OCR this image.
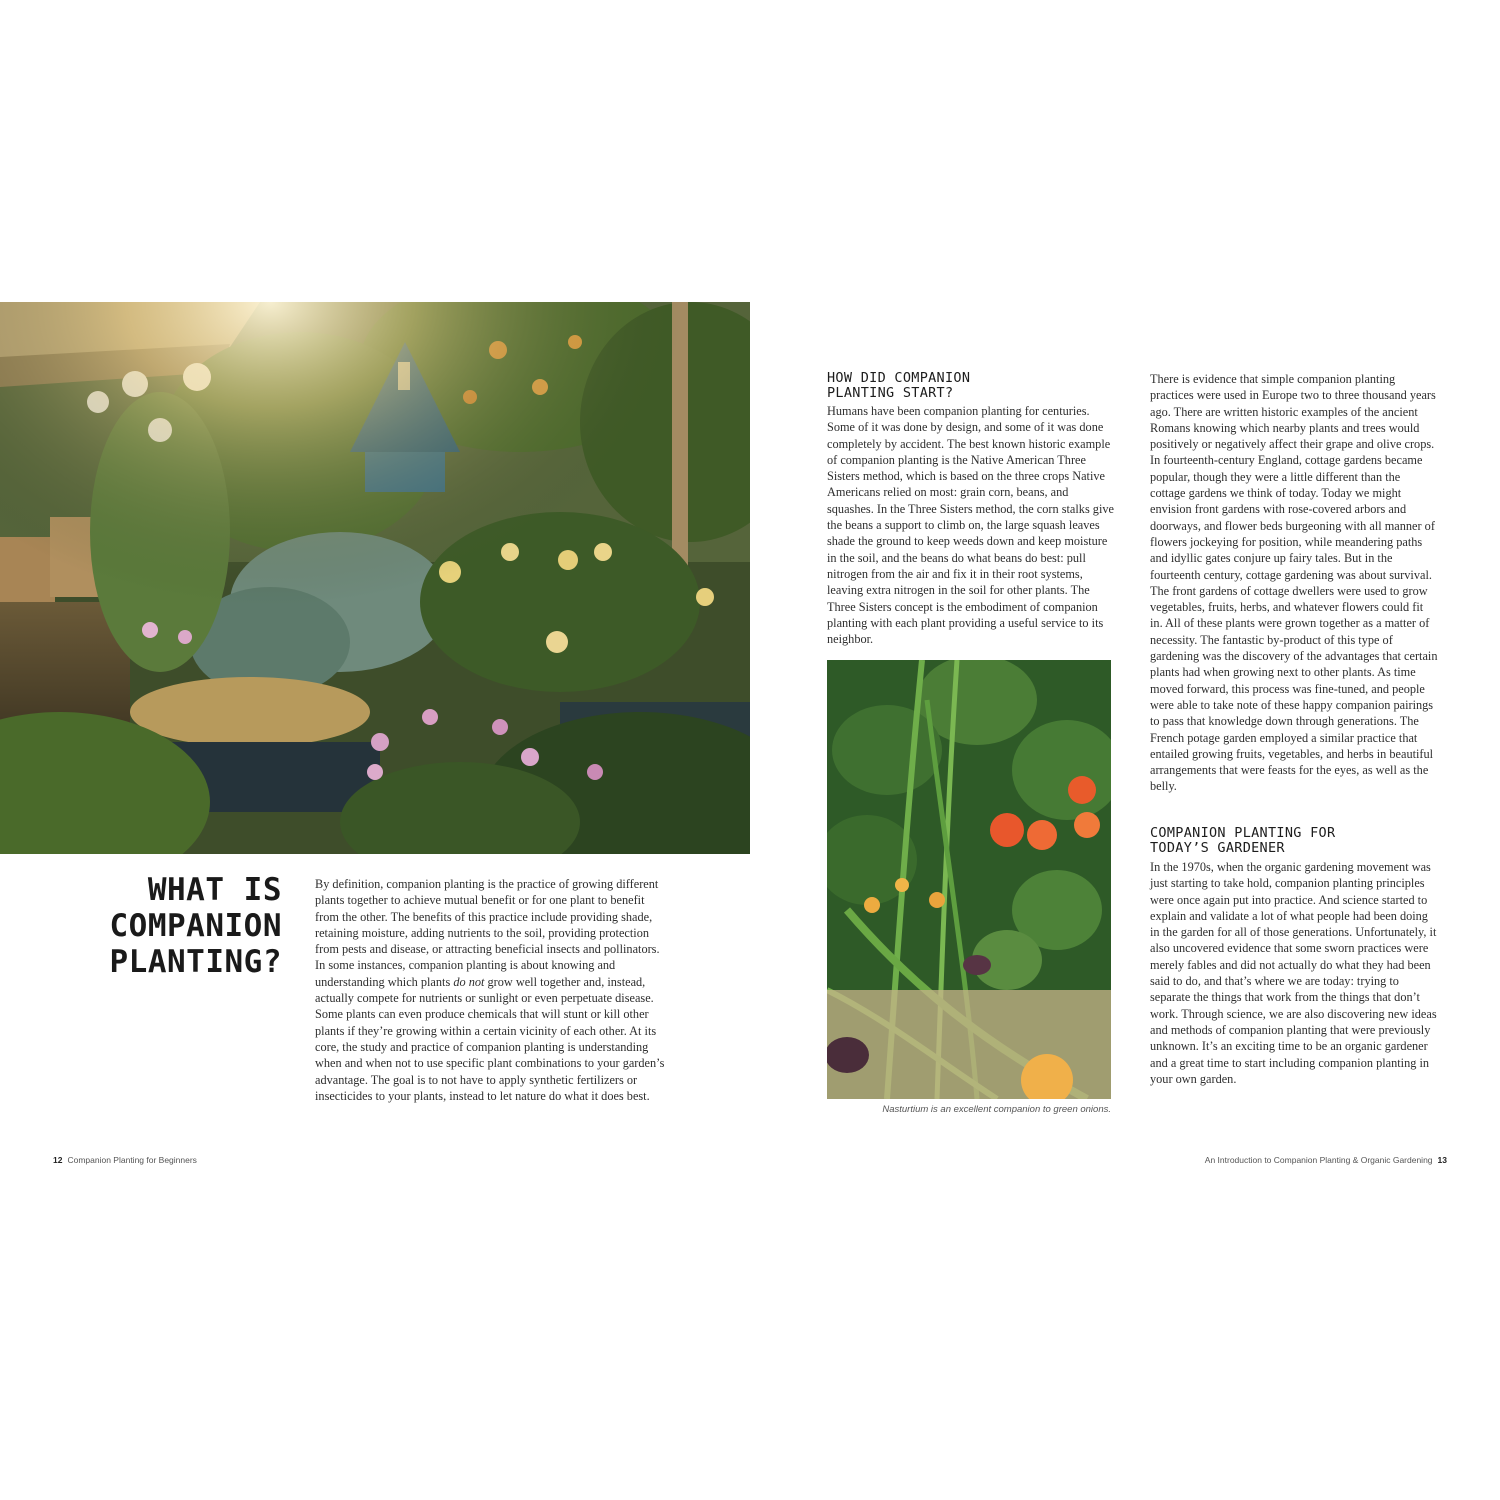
WHAT IS
COMPANION
PLANTING?

By definition, companion planting is the practice of growing different plants together to achieve mutual benefit or for one plant to benefit from the other. The benefits of this practice include providing shade, retaining moisture, adding nutrients to the soil, providing protection from pests and disease, or attracting beneficial insects and pollinators. In some instances, companion planting is about knowing and understanding which plants do not grow well together and, instead, actually compete for nutrients or sunlight or even perpetuate disease. Some plants can even produce chemicals that will stunt or kill other plants if they’re growing within a certain vicinity of each other. At its core, the study and practice of companion planting is understanding when and when not to use specific plant combinations to your garden’s advantage. The goal is to not have to apply synthetic fertilizers or insecticides to your plants, instead to let nature do what it does best.

HOW DID COMPANION
PLANTING START?

Humans have been companion planting for centuries. Some of it was done by design, and some of it was done completely by accident. The best known historic example of companion planting is the Native American Three Sisters method, which is based on the three crops Native Americans relied on most: grain corn, beans, and squashes. In the Three Sisters method, the corn stalks give the beans a support to climb on, the large squash leaves shade the ground to keep weeds down and keep moisture in the soil, and the beans do what beans do best: pull nitrogen from the air and fix it in their root systems, leaving extra nitrogen in the soil for other plants. The Three Sisters concept is the embodiment of companion planting with each plant providing a useful service to its neighbor.

Nasturtium is an excellent companion to green onions.

There is evidence that simple companion planting practices were used in Europe two to three thousand years ago. There are written historic examples of the ancient Romans knowing which nearby plants and trees would positively or negatively affect their grape and olive crops. In fourteenth-century England, cottage gardens became popular, though they were a little different than the cottage gardens we think of today. Today we might envision front gardens with rose-covered arbors and doorways, and flower beds burgeoning with all manner of flowers jockeying for position, while meandering paths and idyllic gates conjure up fairy tales. But in the fourteenth century, cottage gardening was about survival. The front gardens of cottage dwellers were used to grow vegetables, fruits, herbs, and whatever flowers could fit in. All of these plants were grown together as a matter of necessity. The fantastic by-product of this type of gardening was the discovery of the advantages that certain plants had when growing next to other plants. As time moved forward, this process was fine-tuned, and people were able to take note of these happy companion pairings to pass that knowledge down through generations. The French potage garden employed a similar practice that entailed growing fruits, vegetables, and herbs in beautiful arrangements that were feasts for the eyes, as well as the belly.

COMPANION PLANTING FOR
TODAY’S GARDENER

In the 1970s, when the organic gardening movement was just starting to take hold, companion planting principles were once again put into practice. And science started to explain and validate a lot of what people had been doing in the garden for all of those generations. Unfortunately, it also uncovered evidence that some sworn practices were merely fables and did not actually do what they had been said to do, and that’s where we are today: trying to separate the things that work from the things that don’t work. Through science, we are also discovering new ideas and methods of companion planting that were previously unknown. It’s an exciting time to be an organic gardener and a great time to start including companion planting in your own garden.

12 Companion Planting for Beginners	An Introduction to Companion Planting & Organic Gardening 13
